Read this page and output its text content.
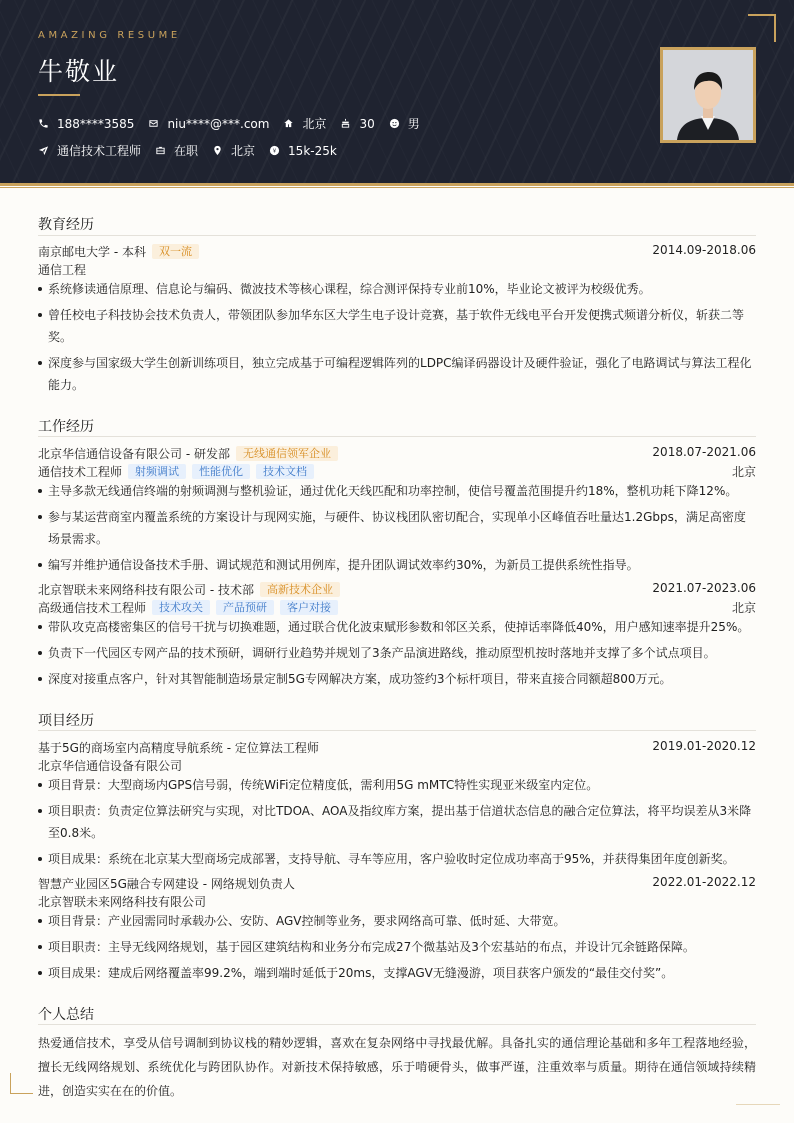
AMAZING RESUME
牛敬业
188****3585	niu****@***.com	北京	30	男
通信技术工程师	在职	北京 ¥ 15k-25k
教育经历
南京邮电大学 - 本科	双一流	2014.09-2018.06
通信工程
系统修读通信原理、信息论与编码、微波技术等核心课程，综合测评保持专业前10%，毕业论文被评为校级优秀。
曾任校电子科技协会技术负责人，带领团队参加华东区大学生电子设计竞赛，基于软件无线电平台开发便携式频谱分析仪，斩获二等奖。
深度参与国家级大学生创新训练项目，独立完成基于可编程逻辑阵列的LDPC编译码器设计及硬件验证，强化了电路调试与算法工程化能力。
工作经历
北京华信通信设备有限公司 - 研发部	无线通信领军企业	2018.07-2021.06
通信技术工程师	射频调试	性能优化	技术文档	北京
主导多款无线通信终端的射频调测与整机验证，通过优化天线匹配和功率控制，使信号覆盖范围提升约18%，整机功耗下降12%。
参与某运营商室内覆盖系统的方案设计与现网实施，与硬件、协议栈团队密切配合，实现单小区峰值吞吐量达1.2Gbps，满足高密度场景需求。
编写并维护通信设备技术手册、调试规范和测试用例库，提升团队调试效率约30%，为新员工提供系统性指导。
北京智联未来网络科技有限公司 - 技术部	高新技术企业	2021.07-2023.06
高级通信技术工程师	技术攻关	产品预研	客户对接	北京
带队攻克高楼密集区的信号干扰与切换难题，通过联合优化波束赋形参数和邻区关系，使掉话率降低40%，用户感知速率提升25%。
负责下一代园区专网产品的技术预研，调研行业趋势并规划了3条产品演进路线，推动原型机按时落地并支撑了多个试点项目。
深度对接重点客户，针对其智能制造场景定制5G专网解决方案，成功签约3个标杆项目，带来直接合同额超800万元。
项目经历
基于5G的商场室内高精度导航系统 - 定位算法工程师	2019.01-2020.12
北京华信通信设备有限公司
项目背景：大型商场内GPS信号弱，传统WiFi定位精度低，需利用5G mMTC特性实现亚米级室内定位。
项目职责：负责定位算法研究与实现，对比TDOA、AOA及指纹库方案，提出基于信道状态信息的融合定位算法，将平均误差从3米降至0.8米。
项目成果：系统在北京某大型商场完成部署，支持导航、寻车等应用，客户验收时定位成功率高于95%，并获得集团年度创新奖。
智慧产业园区5G融合专网建设 - 网络规划负责人	2022.01-2022.12
北京智联未来网络科技有限公司
项目背景：产业园需同时承载办公、安防、AGV控制等业务，要求网络高可靠、低时延、大带宽。
项目职责：主导无线网络规划，基于园区建筑结构和业务分布完成27个微基站及3个宏基站的布点，并设计冗余链路保障。
项目成果：建成后网络覆盖率99.2%，端到端时延低于20ms，支撑AGV无缝漫游，项目获客户颁发的“最佳交付奖”。
个人总结
热爱通信技术，享受从信号调制到协议栈的精妙逻辑，喜欢在复杂网络中寻找最优解。具备扎实的通信理论基础和多年工程落地经验，擅长无线网络规划、系统优化与跨团队协作。对新技术保持敏感，乐于啃硬骨头，做事严谨，注重效率与质量。期待在通信领域持续精进，创造实实在在的价值。
